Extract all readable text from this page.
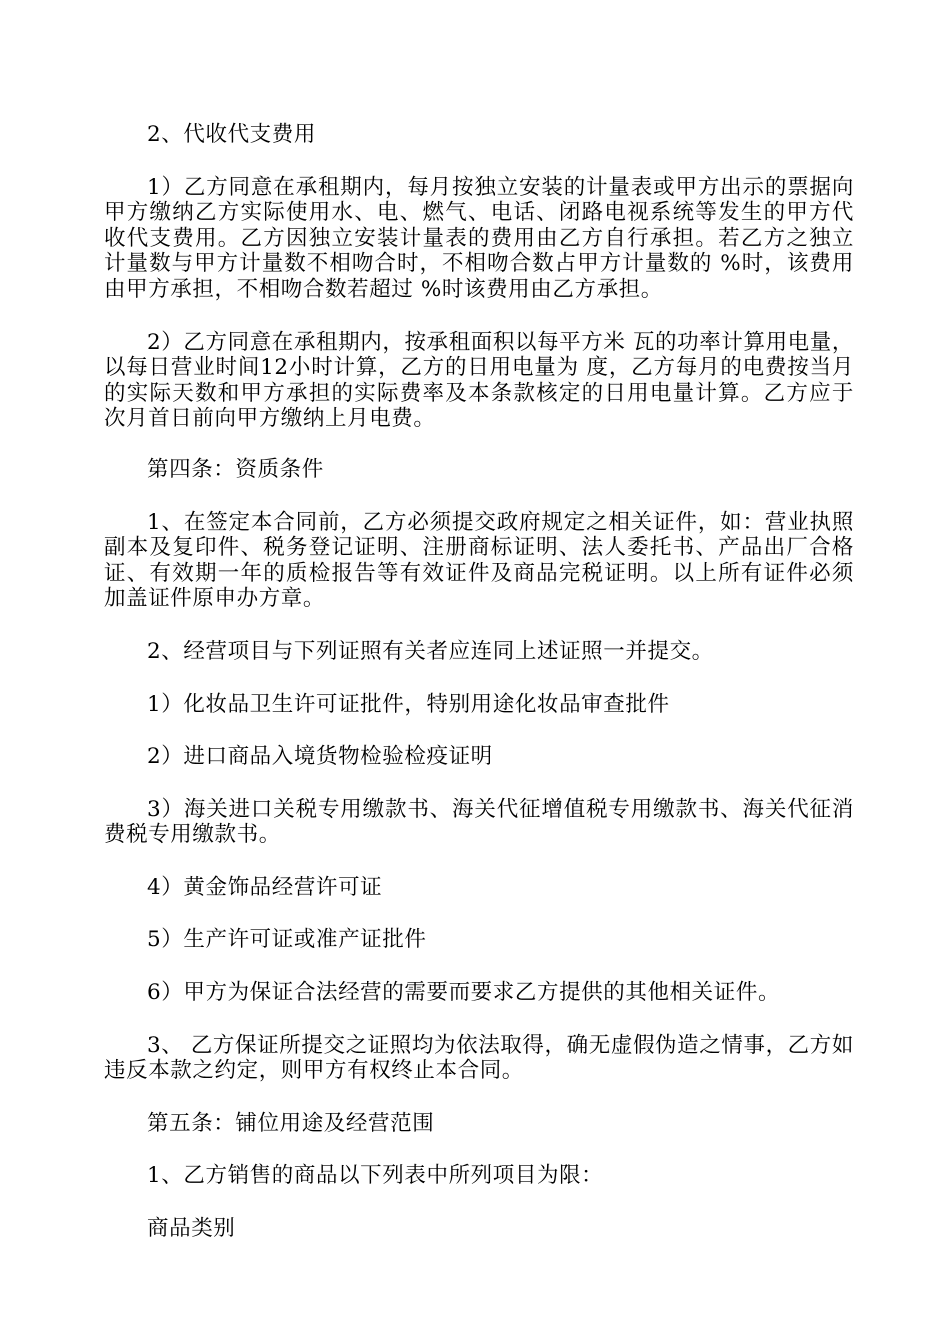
2、代收代支费用

1）乙方同意在承租期内，每月按独立安装的计量表或甲方出示的票据向甲方缴纳乙方实际使用水、电、燃气、电话、闭路电视系统等发生的甲方代收代支费用。乙方因独立安装计量表的费用由乙方自行承担。若乙方之独立计量数与甲方计量数不相吻合时，不相吻合数占甲方计量数的 %时，该费用由甲方承担，不相吻合数若超过 %时该费用由乙方承担。

2）乙方同意在承租期内，按承租面积以每平方米 瓦的功率计算用电量，以每日营业时间12小时计算，乙方的日用电量为 度，乙方每月的电费按当月的实际天数和甲方承担的实际费率及本条款核定的日用电量计算。乙方应于次月首日前向甲方缴纳上月电费。

第四条：资质条件

1、在签定本合同前，乙方必须提交政府规定之相关证件，如：营业执照副本及复印件、税务登记证明、注册商标证明、法人委托书、产品出厂合格证、有效期一年的质检报告等有效证件及商品完税证明。以上所有证件必须加盖证件原申办方章。

2、经营项目与下列证照有关者应连同上述证照一并提交。

1）化妆品卫生许可证批件，特别用途化妆品审查批件

2）进口商品入境货物检验检疫证明

3）海关进口关税专用缴款书、海关代征增值税专用缴款书、海关代征消费税专用缴款书。

4）黄金饰品经营许可证

5）生产许可证或准产证批件

6）甲方为保证合法经营的需要而要求乙方提供的其他相关证件。

3、 乙方保证所提交之证照均为依法取得，确无虚假伪造之情事，乙方如违反本款之约定，则甲方有权终止本合同。

第五条：铺位用途及经营范围

1、乙方销售的商品以下列表中所列项目为限：

商品类别
